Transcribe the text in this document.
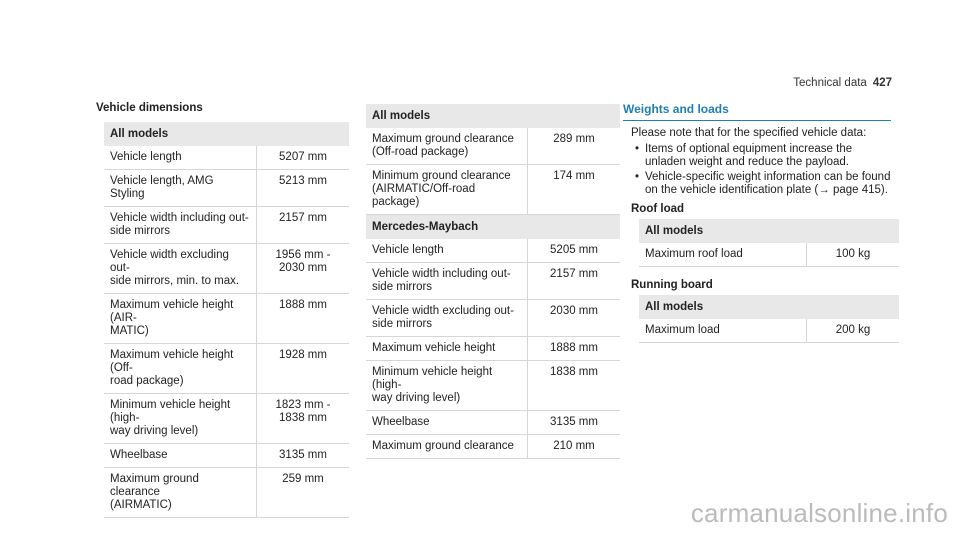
Technical data 427
Vehicle dimensions
All models	
Vehicle length	5207 mm
Vehicle length, AMG Styling	5213 mm
Vehicle width including out-
side mirrors	2157 mm
Vehicle width excluding out-
side mirrors, min. to max.	1956 mm -
2030 mm
Maximum vehicle height (AIR-
MATIC)	1888 mm
Maximum vehicle height (Off-
road package)	1928 mm
Minimum vehicle height (high-
way driving level)	1823 mm -
1838 mm
Wheelbase	3135 mm
Maximum ground clearance
(AIRMATIC)	259 mm
All models	
Maximum ground clearance
(Off-road package)	289 mm
Minimum ground clearance
(AIRMATIC/Off-road package)	174 mm
Mercedes-Maybach	
Vehicle length	5205 mm
Vehicle width including out-
side mirrors	2157 mm
Vehicle width excluding out-
side mirrors	2030 mm
Maximum vehicle height	1888 mm
Minimum vehicle height (high-
way driving level)	1838 mm
Wheelbase	3135 mm
Maximum ground clearance	210 mm
Weights and loads

Please note that for the specified vehicle data:

• Items of optional equipment increase the unladen weight and reduce the payload.
• Vehicle-specific weight information can be found on the vehicle identification plate (→ page 415).
Roof load
All models
Maximum roof load	100 kg
Running board
All models
Maximum load	200 kg
carmanualsonline.info
